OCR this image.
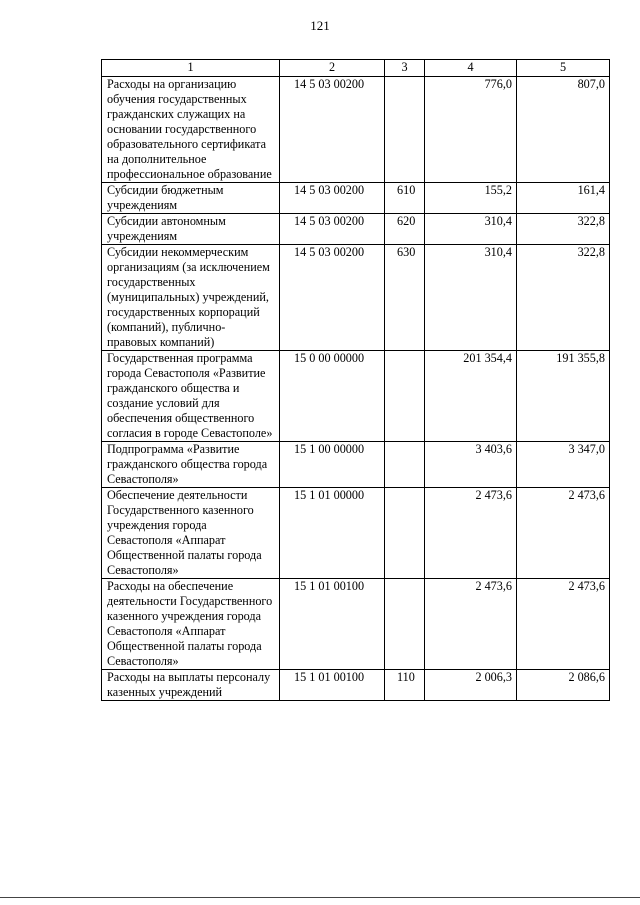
121
1	2	3	4	5
Расходы на организацию обучения государственных гражданских служащих на основании государственного образовательного сертификата на дополнительное профессиональное образование	14 5 03 00200		776,0	807,0
Субсидии бюджетным учреждениям	14 5 03 00200	610	155,2	161,4
Субсидии автономным учреждениям	14 5 03 00200	620	310,4	322,8
Субсидии некоммерческим организациям (за исключением государственных (муниципальных) учреждений, государственных корпораций (компаний), публично-правовых компаний)	14 5 03 00200	630	310,4	322,8
Государственная программа города Севастополя «Развитие гражданского общества и создание условий для обеспечения общественного согласия в городе Севастополе»	15 0 00 00000		201 354,4	191 355,8
Подпрограмма «Развитие гражданского общества города Севастополя»	15 1 00 00000		3 403,6	3 347,0
Обеспечение деятельности Государственного казенного учреждения города Севастополя «Аппарат Общественной палаты города Севастополя»	15 1 01 00000		2 473,6	2 473,6
Расходы на обеспечение деятельности Государственного казенного учреждения города Севастополя «Аппарат Общественной палаты города Севастополя»	15 1 01 00100		2 473,6	2 473,6
Расходы на выплаты персоналу казенных учреждений	15 1 01 00100	110	2 006,3	2 086,6
